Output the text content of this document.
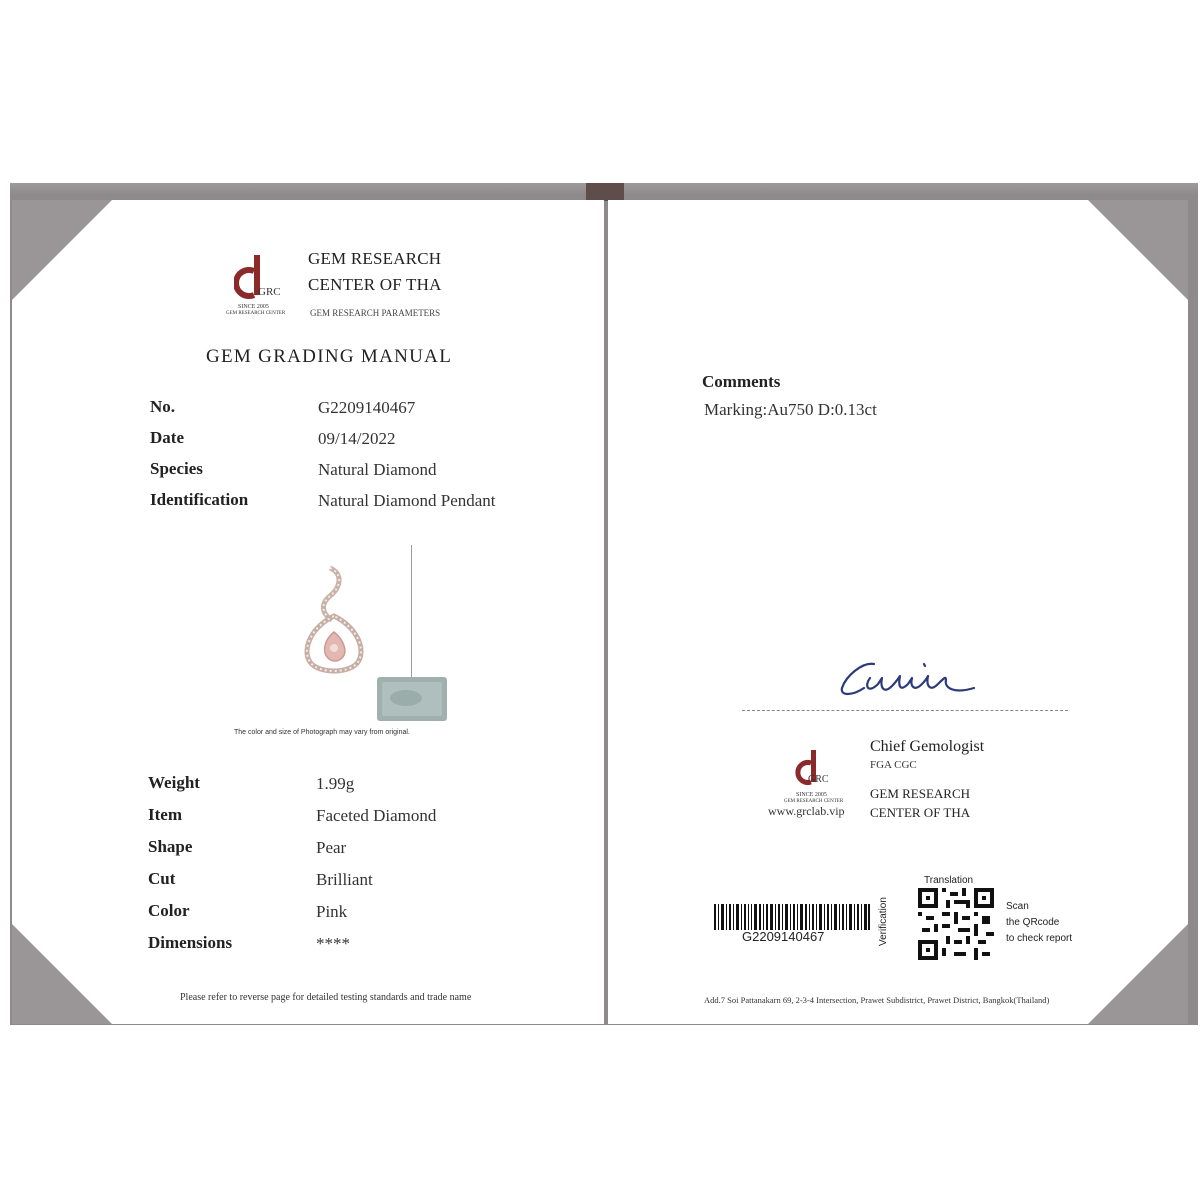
GRC
SINCE 2005
GEM RESEARCH CENTER
GEM RESEARCH
CENTER OF THA
GEM RESEARCH PARAMETERS
GEM GRADING MANUAL
No.	G2209140467
Date	09/14/2022
Species	Natural Diamond
Identification	Natural Diamond Pendant
The color and size of Photograph may vary from original.
Weight	1.99g
Item	Faceted Diamond
Shape	Pear
Cut	Brilliant
Color	Pink
Dimensions	****
Please refer to reverse page for detailed testing standards and trade name
Comments
Marking:Au750 D:0.13ct
GRC
SINCE 2005
GEM RESEARCH CENTER
www.grclab.vip
Chief Gemologist
FGA CGC
GEM RESEARCH
CENTER OF THA
G2209140467
Translation
Verification	Scan
the QRcode
to check report
Add.7 Soi Pattanakarn 69, 2-3-4 Intersection, Prawet Subdistrict, Prawet District, Bangkok(Thailand)
